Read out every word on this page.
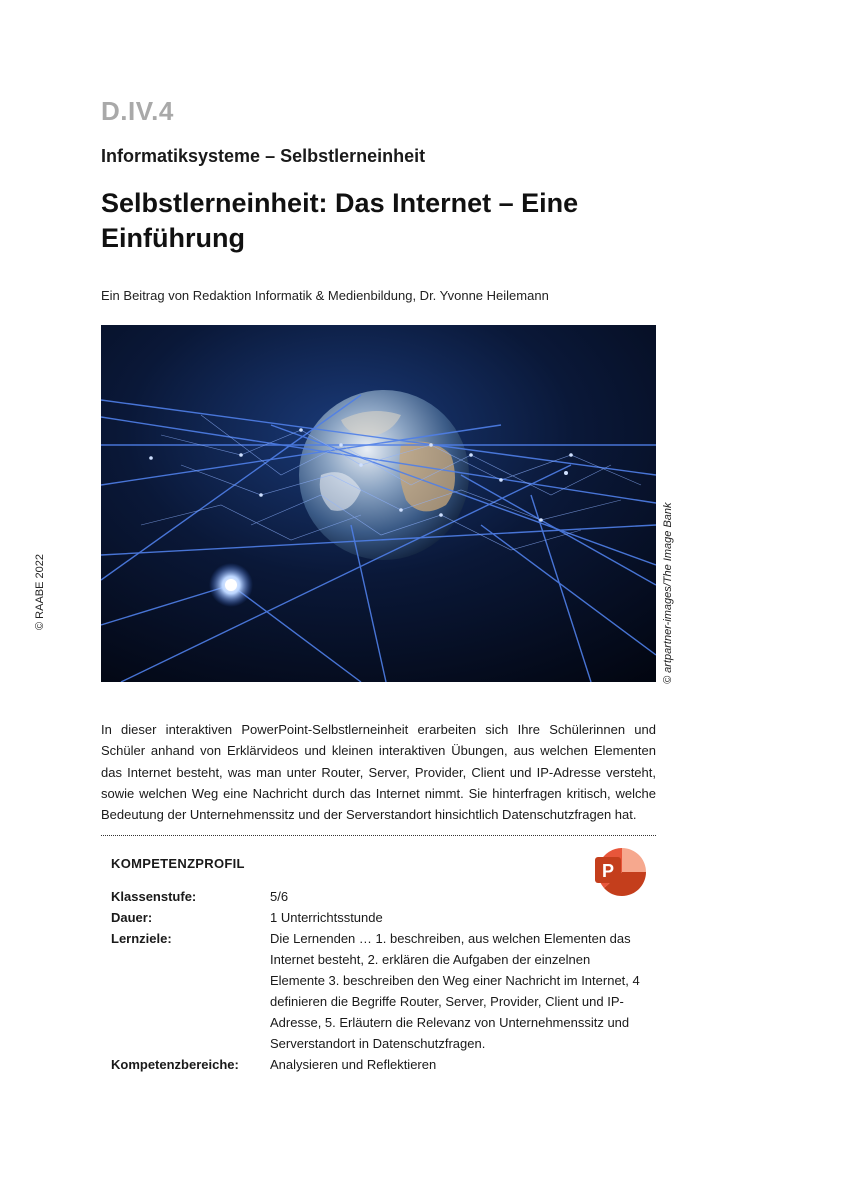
D.IV.4
Informatiksysteme – Selbstlerneinheit
Selbstlerneinheit: Das Internet – Eine Einführung
Ein Beitrag von Redaktion Informatik & Medienbildung, Dr. Yvonne Heilemann
© RAABE 2022	© artpartner-images/The Image Bank

In dieser interaktiven PowerPoint-Selbstlerneinheit erarbeiten sich Ihre Schülerinnen und Schüler anhand von Erklärvideos und kleinen interaktiven Übungen, aus welchen Elementen das Internet besteht, was man unter Router, Server, Provider, Client und IP-Adresse versteht, sowie welchen Weg eine Nachricht durch das Internet nimmt. Sie hinterfragen kritisch, welche Bedeutung der Unternehmenssitz und der Serverstandort hinsichtlich Datenschutzfragen hat.

KOMPETENZPROFIL	P
Klassenstufe:	5/6
Dauer:	1 Unterrichtsstunde
Lernziele:	Die Lernenden … 1. beschreiben, aus welchen Elementen das Internet besteht, 2. erklären die Aufgaben der einzelnen Elemente 3. beschreiben den Weg einer Nachricht im Internet, 4 definieren die Begriffe Router, Server, Provider, Client und IP-Adresse, 5. Erläutern die Relevanz von Unternehmenssitz und Serverstandort in Datenschutzfragen.
Kompetenzbereiche:	Analysieren und Reflektieren
